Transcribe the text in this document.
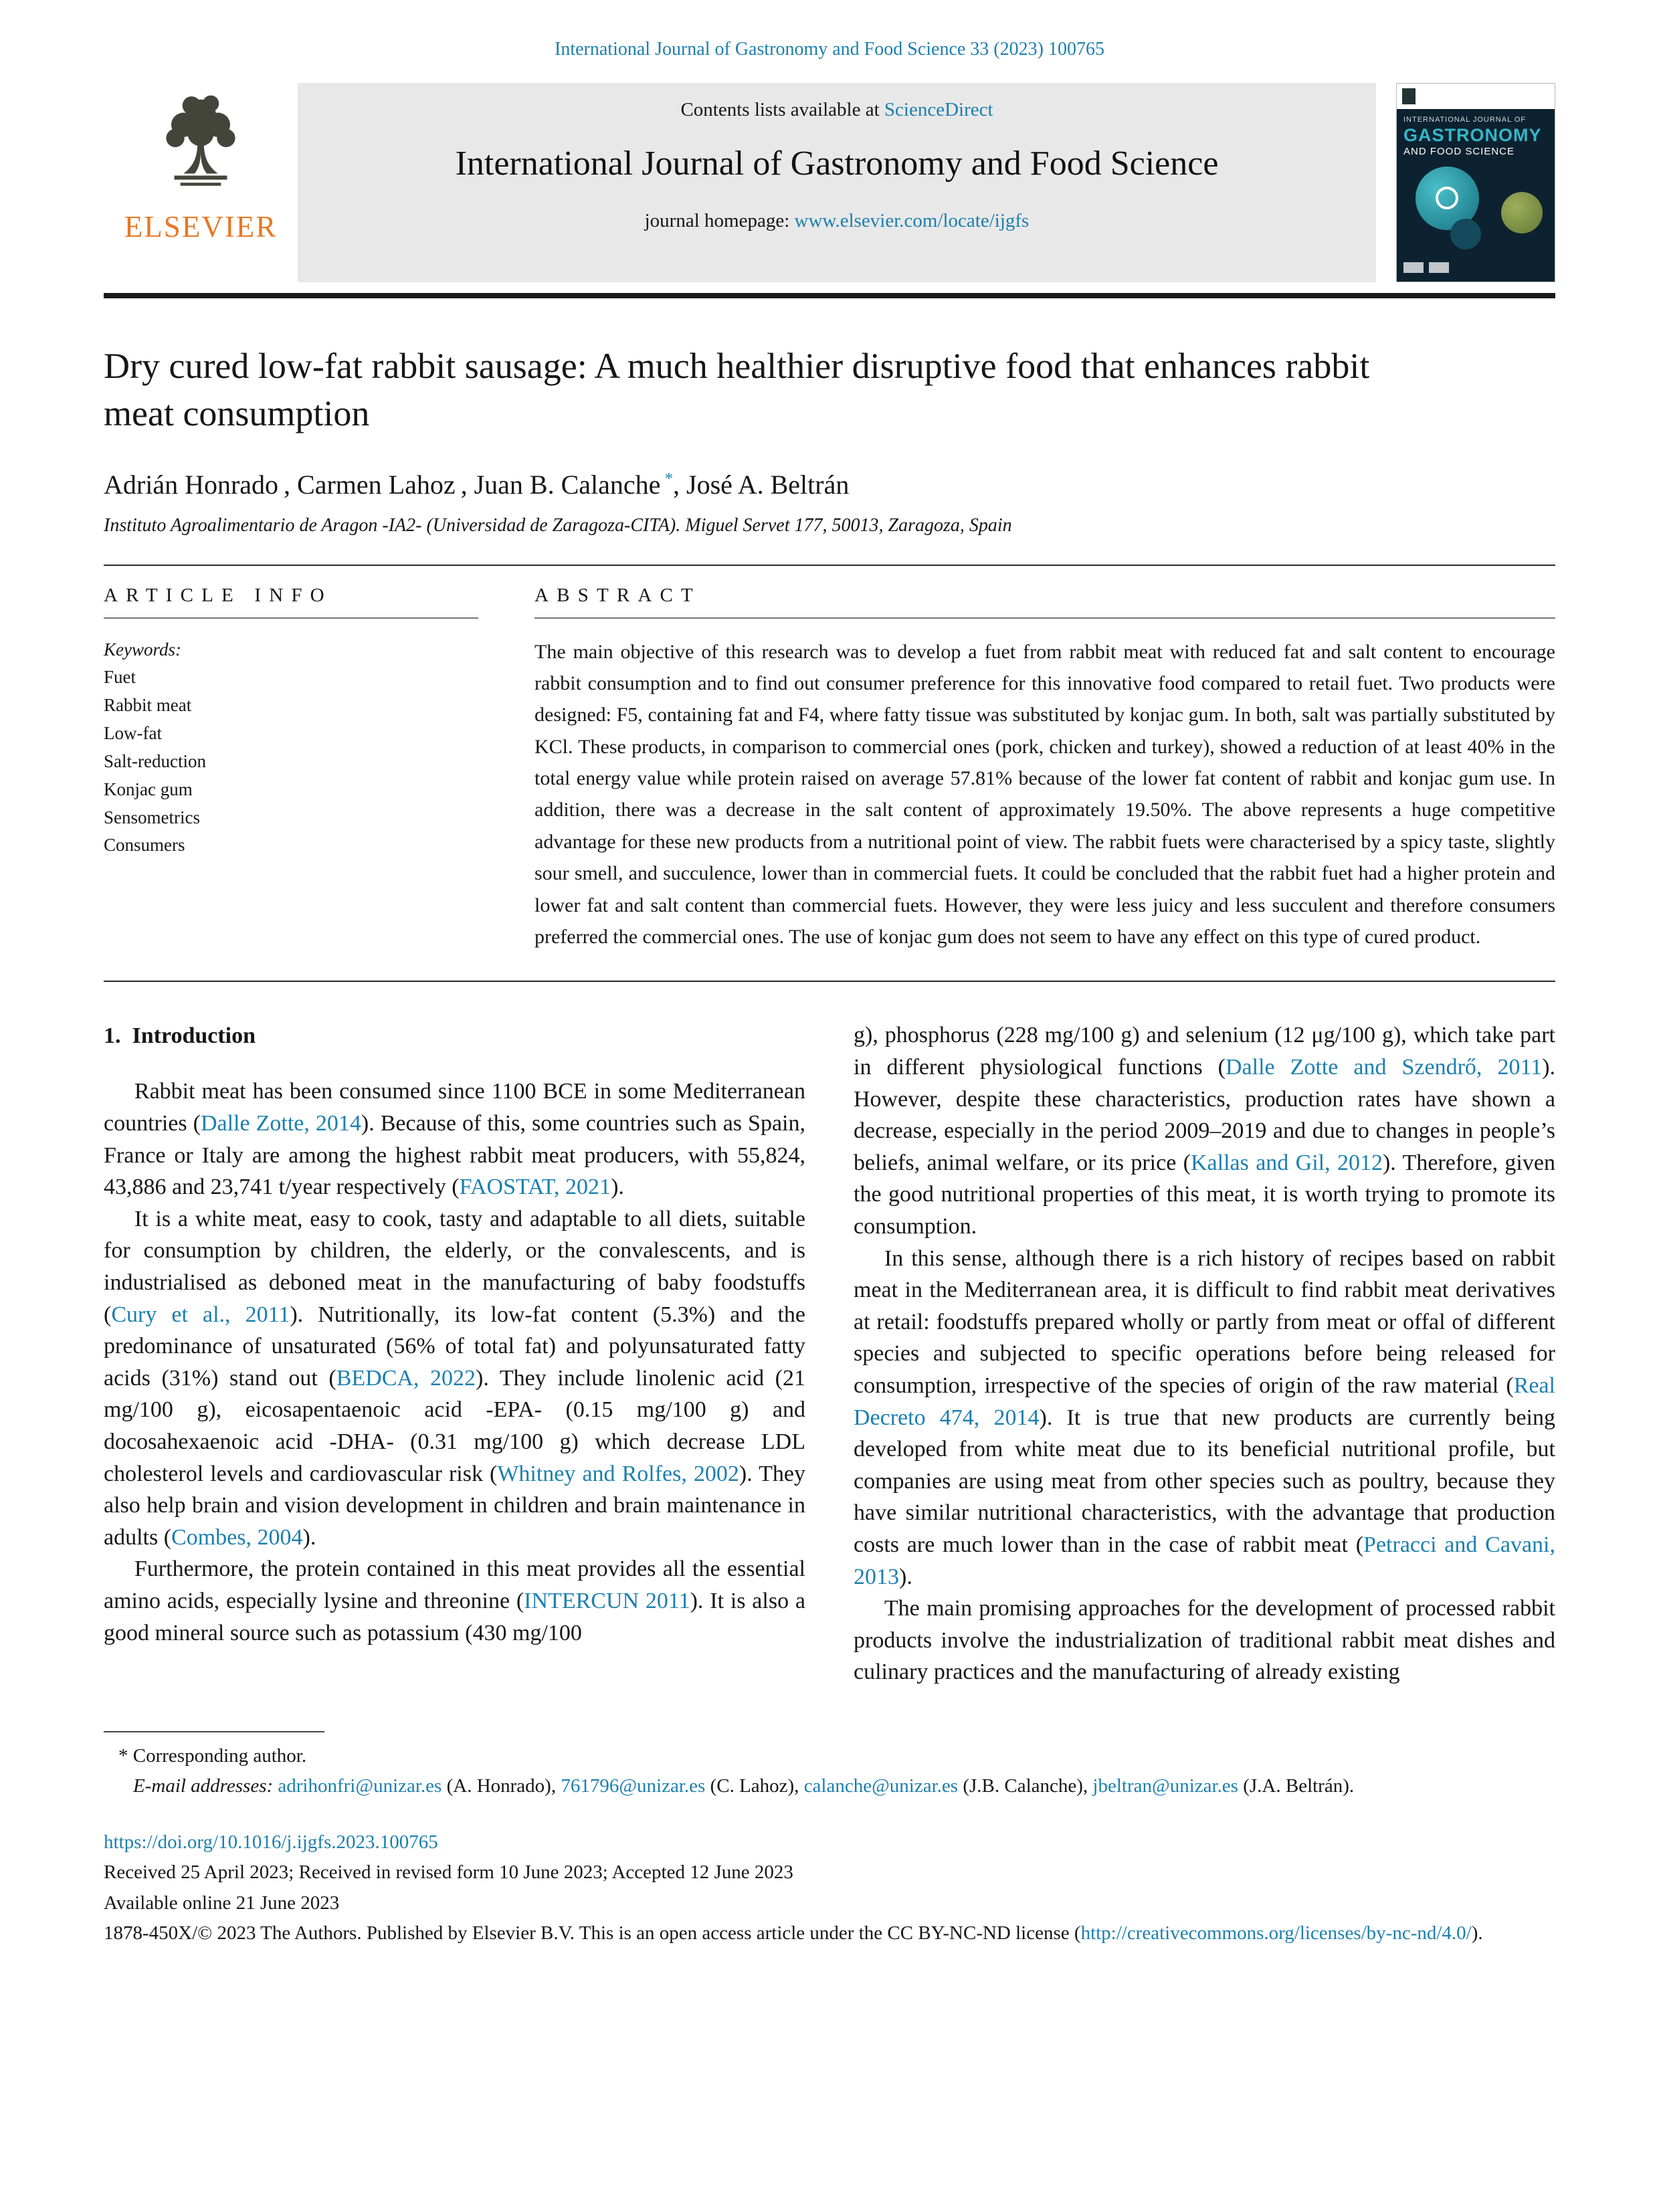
International Journal of Gastronomy and Food Science 33 (2023) 100765
ELSEVIER
Contents lists available at ScienceDirect
International Journal of Gastronomy and Food Science
journal homepage: www.elsevier.com/locate/ijgfs
INTERNATIONAL JOURNAL OF
GASTRONOMY
AND FOOD SCIENCE
Dry cured low-fat rabbit sausage: A much healthier disruptive food that enhances rabbit meat consumption
Adrián Honrado , Carmen Lahoz , Juan B. Calanche *, José A. Beltrán
Instituto Agroalimentario de Aragon -IA2- (Universidad de Zaragoza-CITA). Miguel Servet 177, 50013, Zaragoza, Spain
ARTICLE INFO
Keywords:
Fuet
Rabbit meat
Low-fat
Salt-reduction
Konjac gum
Sensometrics
Consumers
ABSTRACT

The main objective of this research was to develop a fuet from rabbit meat with reduced fat and salt content to encourage rabbit consumption and to find out consumer preference for this innovative food compared to retail fuet. Two products were designed: F5, containing fat and F4, where fatty tissue was substituted by konjac gum. In both, salt was partially substituted by KCl. These products, in comparison to commercial ones (pork, chicken and turkey), showed a reduction of at least 40% in the total energy value while protein raised on average 57.81% because of the lower fat content of rabbit and konjac gum use. In addition, there was a decrease in the salt content of approximately 19.50%. The above represents a huge competitive advantage for these new products from a nutritional point of view. The rabbit fuets were characterised by a spicy taste, slightly sour smell, and succulence, lower than in commercial fuets. It could be concluded that the rabbit fuet had a higher protein and lower fat and salt content than commercial fuets. However, they were less juicy and less succulent and therefore consumers preferred the commercial ones. The use of konjac gum does not seem to have any effect on this type of cured product.

1. Introduction

Rabbit meat has been consumed since 1100 BCE in some Mediterranean countries (Dalle Zotte, 2014). Because of this, some countries such as Spain, France or Italy are among the highest rabbit meat producers, with 55,824, 43,886 and 23,741 t/year respectively (FAOSTAT, 2021).

It is a white meat, easy to cook, tasty and adaptable to all diets, suitable for consumption by children, the elderly, or the convalescents, and is industrialised as deboned meat in the manufacturing of baby foodstuffs (Cury et al., 2011). Nutritionally, its low-fat content (5.3%) and the predominance of unsaturated (56% of total fat) and polyunsaturated fatty acids (31%) stand out (BEDCA, 2022). They include linolenic acid (21 mg/100 g), eicosapentaenoic acid -EPA- (0.15 mg/100 g) and docosahexaenoic acid -DHA- (0.31 mg/100 g) which decrease LDL cholesterol levels and cardiovascular risk (Whitney and Rolfes, 2002). They also help brain and vision development in children and brain maintenance in adults (Combes, 2004).

Furthermore, the protein contained in this meat provides all the essential amino acids, especially lysine and threonine (INTERCUN 2011). It is also a good mineral source such as potassium (430 mg/100

g), phosphorus (228 mg/100 g) and selenium (12 μg/100 g), which take part in different physiological functions (Dalle Zotte and Szendrő, 2011). However, despite these characteristics, production rates have shown a decrease, especially in the period 2009–2019 and due to changes in people’s beliefs, animal welfare, or its price (Kallas and Gil, 2012). Therefore, given the good nutritional properties of this meat, it is worth trying to promote its consumption.

In this sense, although there is a rich history of recipes based on rabbit meat in the Mediterranean area, it is difficult to find rabbit meat derivatives at retail: foodstuffs prepared wholly or partly from meat or offal of different species and subjected to specific operations before being released for consumption, irrespective of the species of origin of the raw material (Real Decreto 474, 2014). It is true that new products are currently being developed from white meat due to its beneficial nutritional profile, but companies are using meat from other species such as poultry, because they have similar nutritional characteristics, with the advantage that production costs are much lower than in the case of rabbit meat (Petracci and Cavani, 2013).

The main promising approaches for the development of processed rabbit products involve the industrialization of traditional rabbit meat dishes and culinary practices and the manufacturing of already existing

* Corresponding author.
E-mail addresses: adrihonfri@unizar.es (A. Honrado), 761796@unizar.es (C. Lahoz), calanche@unizar.es (J.B. Calanche), jbeltran@unizar.es (J.A. Beltrán).
https://doi.org/10.1016/j.ijgfs.2023.100765
Received 25 April 2023; Received in revised form 10 June 2023; Accepted 12 June 2023
Available online 21 June 2023
1878-450X/© 2023 The Authors. Published by Elsevier B.V. This is an open access article under the CC BY-NC-ND license (http://creativecommons.org/licenses/by-nc-nd/4.0/).
